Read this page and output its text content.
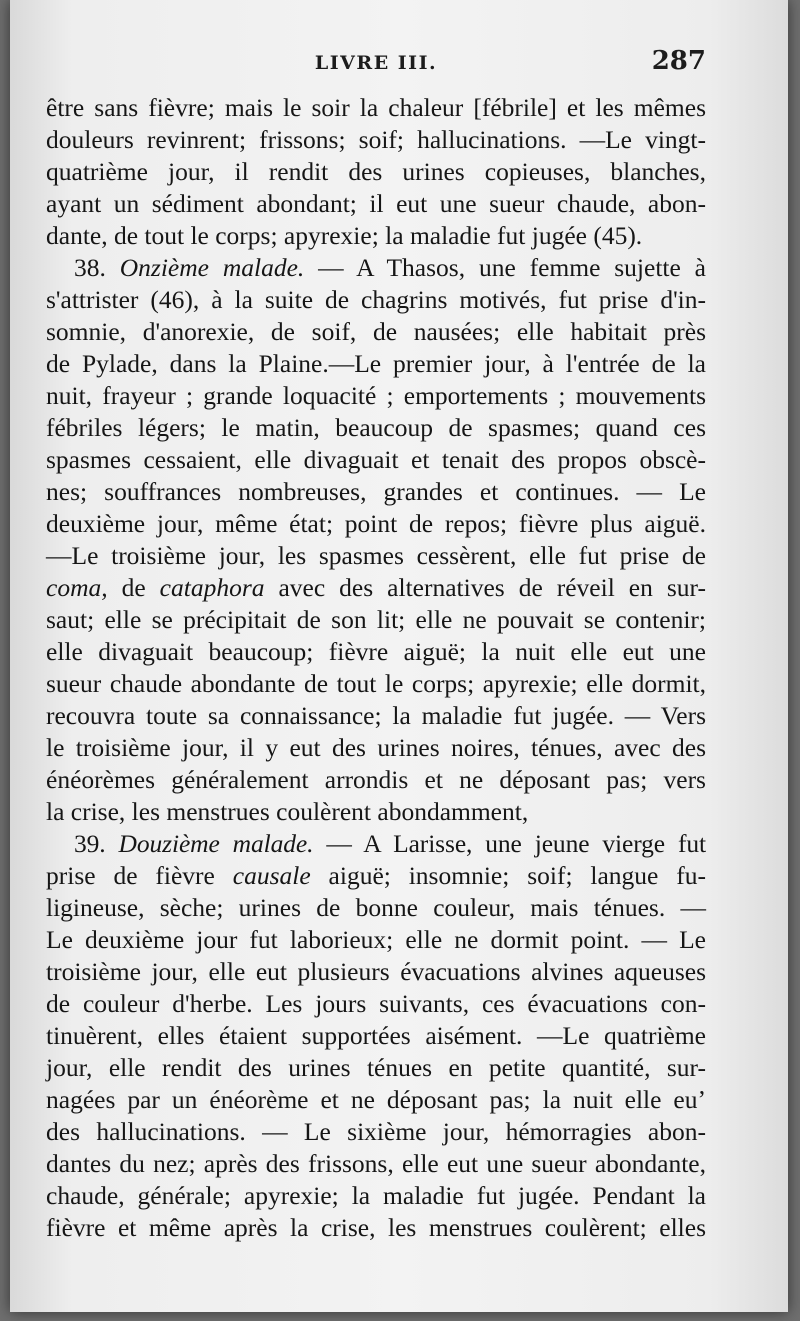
LIVRE III.	287
être sans fièvre; mais le soir la chaleur [fébrile] et les mêmes
douleurs revinrent; frissons; soif; hallucinations. —Le vingt-
quatrième jour, il rendit des urines copieuses, blanches,
ayant un sédiment abondant; il eut une sueur chaude, abon-
dante, de tout le corps; apyrexie; la maladie fut jugée (45).
38. Onzième malade. — A Thasos, une femme sujette à
s'attrister (46), à la suite de chagrins motivés, fut prise d'in-
somnie, d'anorexie, de soif, de nausées; elle habitait près
de Pylade, dans la Plaine.—Le premier jour, à l'entrée de la
nuit, frayeur ; grande loquacité ; emportements ; mouvements
fébriles légers; le matin, beaucoup de spasmes; quand ces
spasmes cessaient, elle divaguait et tenait des propos obscè-
nes; souffrances nombreuses, grandes et continues. — Le
deuxième jour, même état; point de repos; fièvre plus aiguë.
—Le troisième jour, les spasmes cessèrent, elle fut prise de
coma, de cataphora avec des alternatives de réveil en sur-
saut; elle se précipitait de son lit; elle ne pouvait se contenir;
elle divaguait beaucoup; fièvre aiguë; la nuit elle eut une
sueur chaude abondante de tout le corps; apyrexie; elle dormit,
recouvra toute sa connaissance; la maladie fut jugée. — Vers
le troisième jour, il y eut des urines noires, ténues, avec des
énéorèmes généralement arrondis et ne déposant pas; vers
la crise, les menstrues coulèrent abondamment,
39. Douzième malade. — A Larisse, une jeune vierge fut
prise de fièvre causale aiguë; insomnie; soif; langue fu-
ligineuse, sèche; urines de bonne couleur, mais ténues. —
Le deuxième jour fut laborieux; elle ne dormit point. — Le
troisième jour, elle eut plusieurs évacuations alvines aqueuses
de couleur d'herbe. Les jours suivants, ces évacuations con-
tinuèrent, elles étaient supportées aisément. —Le quatrième
jour, elle rendit des urines ténues en petite quantité, sur-
nagées par un énéorème et ne déposant pas; la nuit elle euʼ
des hallucinations. — Le sixième jour, hémorragies abon-
dantes du nez; après des frissons, elle eut une sueur abondante,
chaude, générale; apyrexie; la maladie fut jugée. Pendant la
fièvre et même après la crise, les menstrues coulèrent; elles
